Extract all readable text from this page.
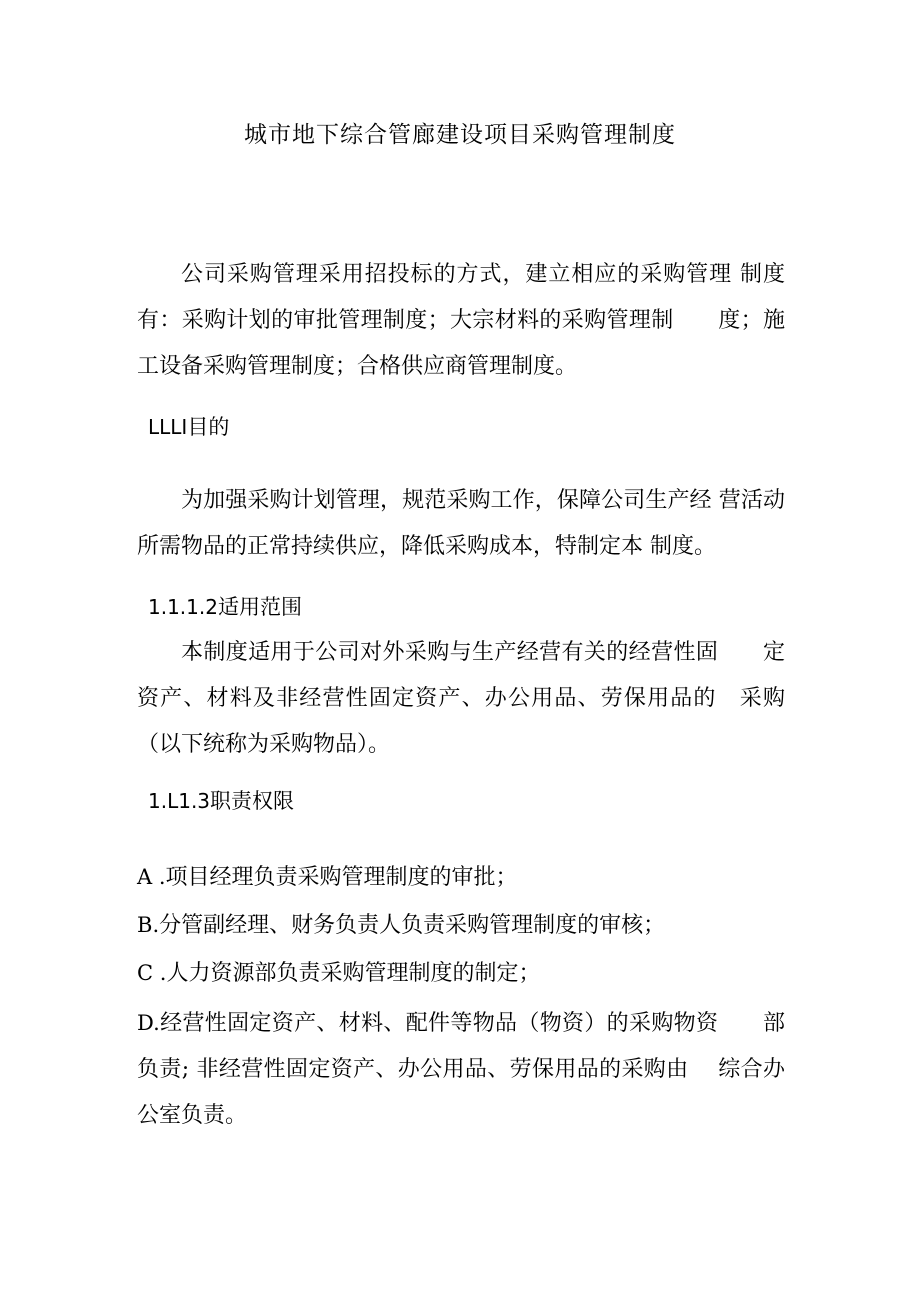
城市地下综合管廊建设项目采购管理制度
公司采购管理采用招投标的方式，建立相应的采购管理 制度有：采购计划的审批管理制度；大宗材料的采购管理制　　度；施工设备采购管理制度；合格供应商管理制度。
LLLI目的
为加强采购计划管理，规范采购工作，保障公司生产经 营活动所需物品的正常持续供应，降低采购成本，特制定本 制度。
1.1.1.2适用范围
本制度适用于公司对外采购与生产经营有关的经营性固　　定资产、材料及非经营性固定资产、办公用品、劳保用品的　采购（以下统称为采购物品）。
1.L1.3职责权限
A .项目经理负责采购管理制度的审批；
B.分管副经理、财务负责人负责采购管理制度的审核；
C .人力资源部负责采购管理制度的制定；
D.经营性固定资产、材料、配件等物品（物资）的采购物资　　部负责; 非经营性固定资产、办公用品、劳保用品的采购由　 综合办公室负责。
